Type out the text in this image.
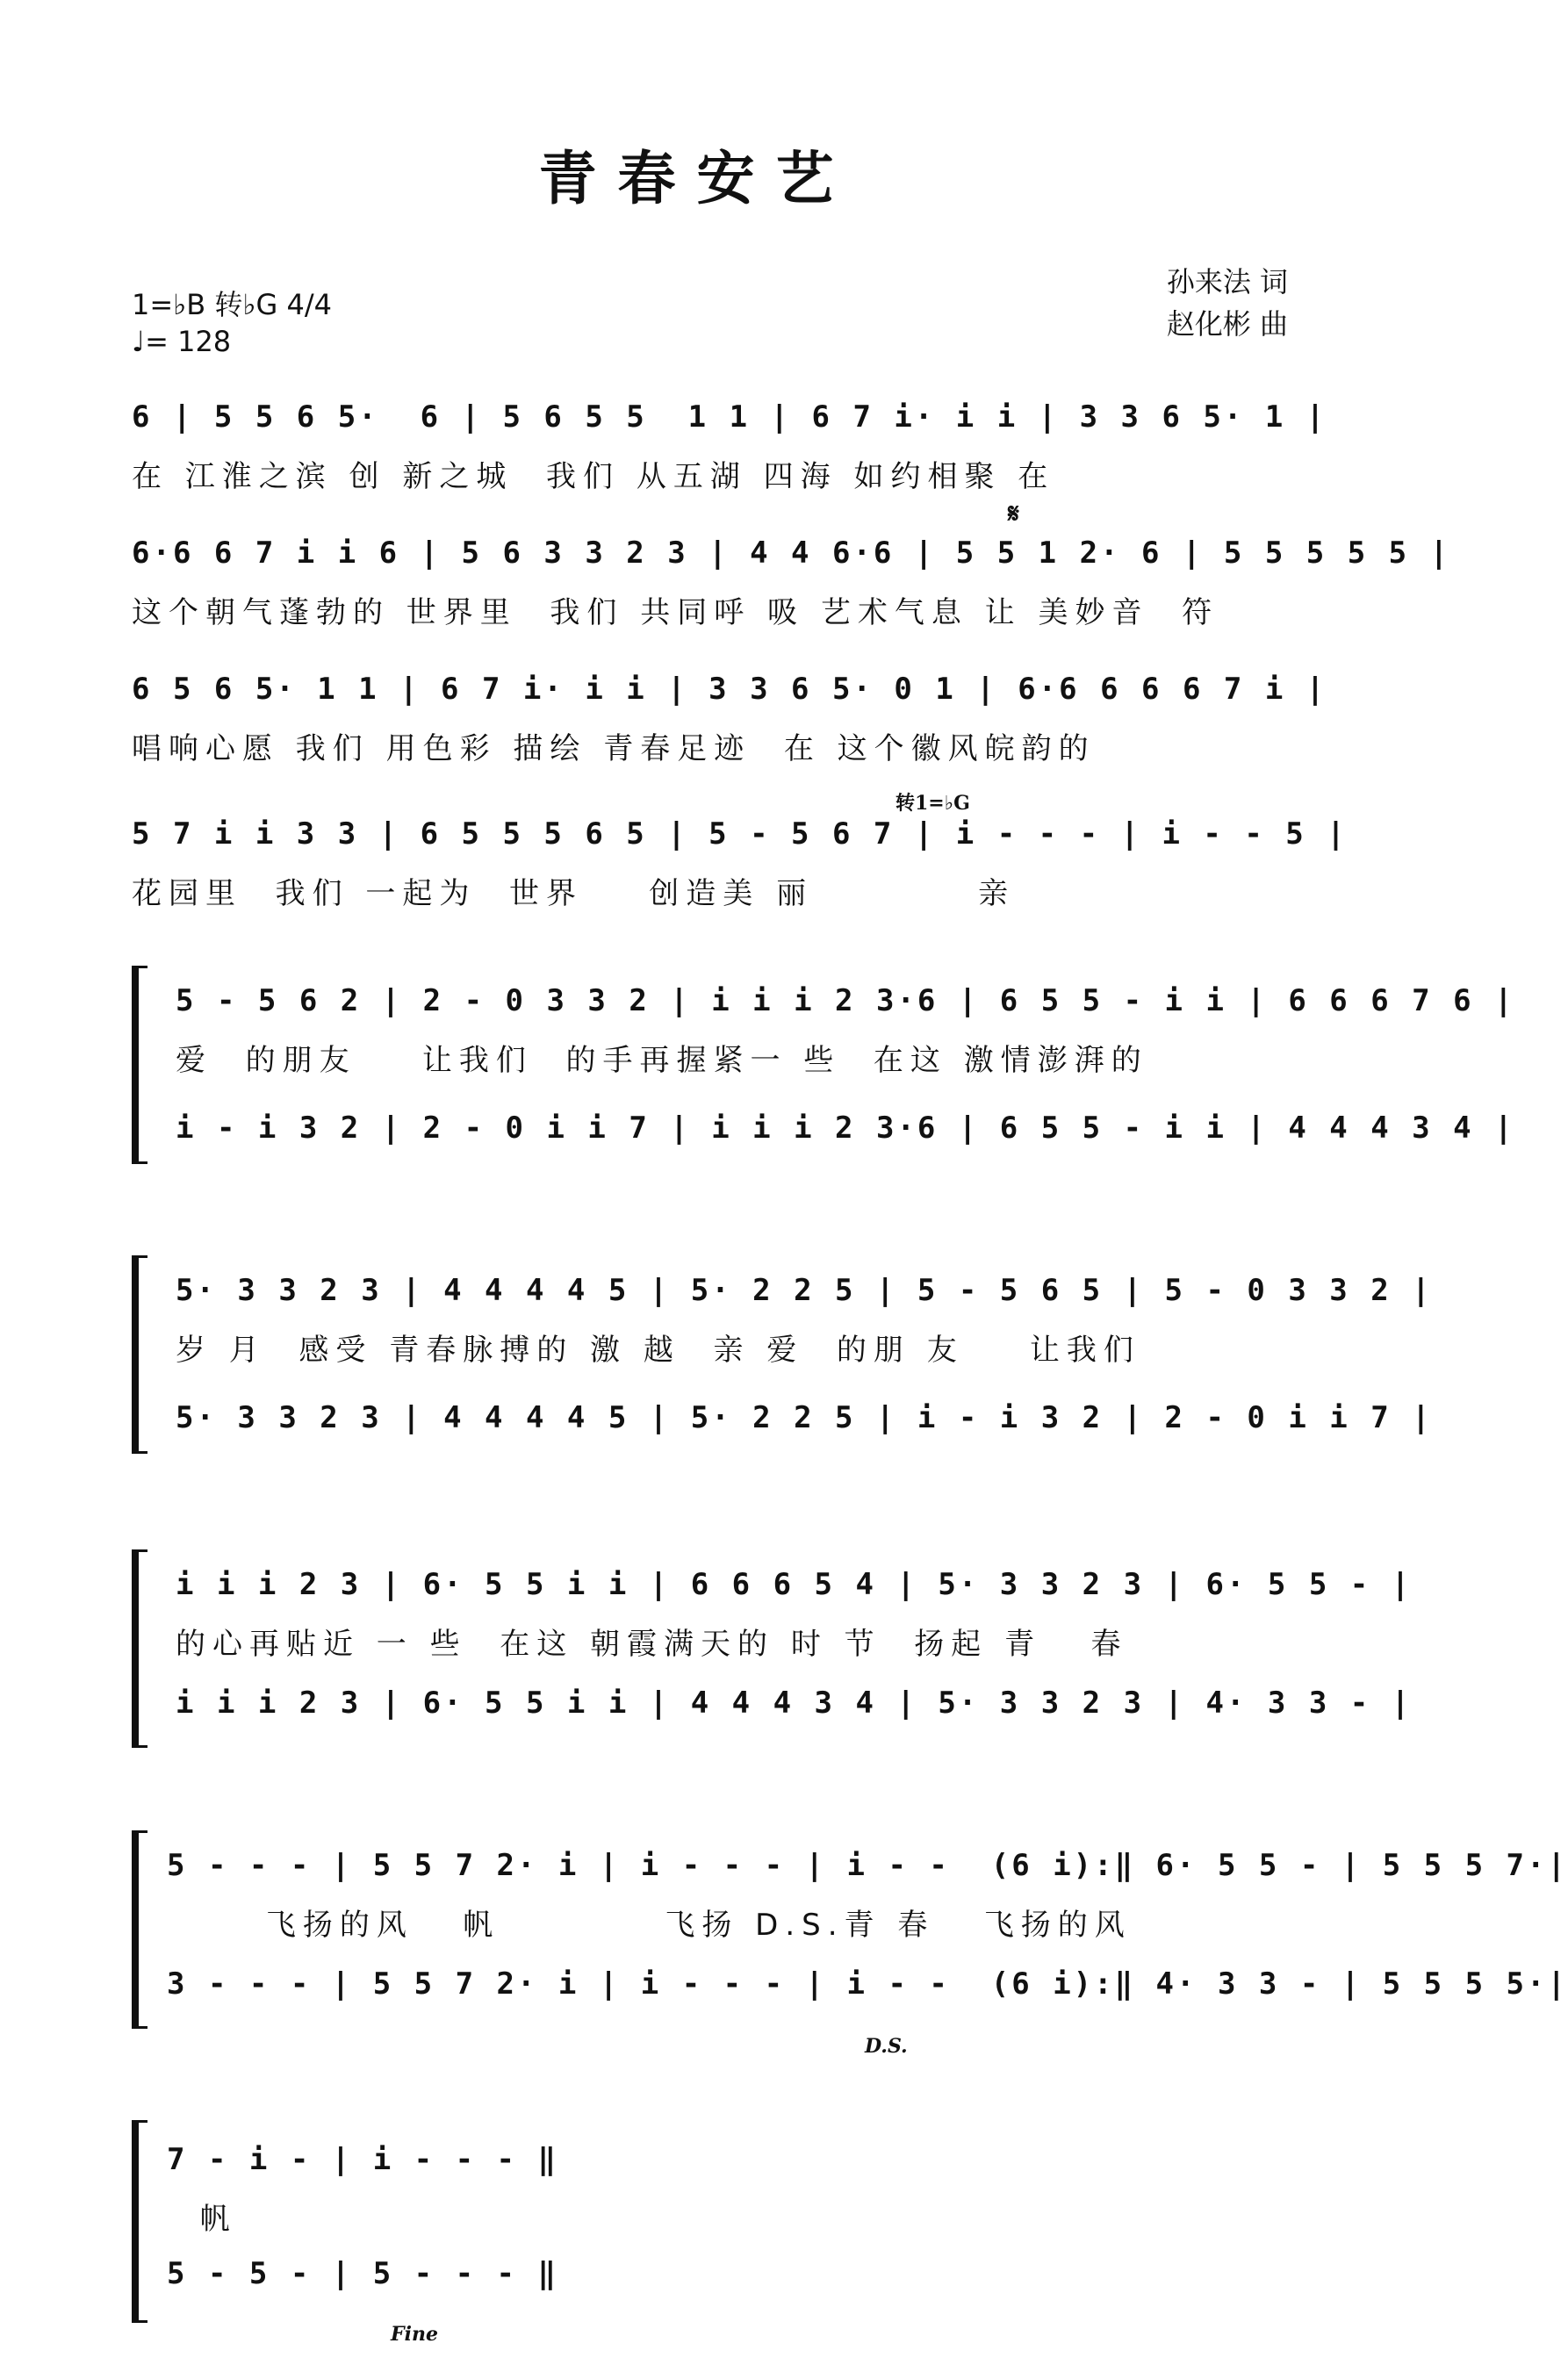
青春安艺
1=♭B 转♭G 4/4
♩= 128
孙来法 词
赵化彬 曲
𝄋
转1=♭G
6 | 5 5 6 5·  6 | 5 6 5 5  1 1 | 6 7 i· i i | 3 3 6 5· 1 |
在 江淮之滨 创 新之城  我们 从五湖 四海 如约相聚 在
6·6 6 7 i i 6 | 5 6 3 3 2 3 | 4 4 6·6 | 5 5 1 2· 6 | 5 5 5 5 5 |
这个朝气蓬勃的 世界里  我们 共同呼 吸 艺术气息 让 美妙音  符
6 5 6 5· 1 1 | 6 7 i· i i | 3 3 6 5· 0 1 | 6·6 6 6 6 7 i |
唱响心愿 我们 用色彩 描绘 青春足迹  在 这个徽风皖韵的
5 7 i i 3 3 | 6 5 5 5 6 5 | 5 - 5 6 7 | i - - - | i - - 5 |
花园里  我们 一起为  世界    创造美 丽          亲
5 - 5 6 2 | 2 - 0 3 3 2 | i i i 2 3·6 | 6 5 5 - i i | 6 6 6 7 6 |
爱  的朋友    让我们  的手再握紧一 些  在这 激情澎湃的
i - i 3 2 | 2 - 0 i i 7 | i i i 2 3·6 | 6 5 5 - i i | 4 4 4 3 4 |
5· 3 3 2 3 | 4 4 4 4 5 | 5· 2 2 5 | 5 - 5 6 5 | 5 - 0 3 3 2 |
岁 月  感受 青春脉搏的 激 越  亲 爱  的朋 友    让我们
5· 3 3 2 3 | 4 4 4 4 5 | 5· 2 2 5 | i - i 3 2 | 2 - 0 i i 7 |
i i i 2 3 | 6· 5 5 i i | 6 6 6 5 4 | 5· 3 3 2 3 | 6· 5 5 - |
的心再贴近 一 些  在这 朝霞满天的 时 节  扬起 青   春
i i i 2 3 | 6· 5 5 i i | 4 4 4 3 4 | 5· 3 3 2 3 | 4· 3 3 - |
5 - - - | 5 5 7 2· i | i - - - | i - -  (6 i):‖ 6· 5 5 - | 5 5 5 7·|
飞扬的风   帆          飞扬 D.S.青 春   飞扬的风
3 - - - | 5 5 7 2· i | i - - - | i - -  (6 i):‖ 4· 3 3 - | 5 5 5 5·|
D.S.
7 - i - | i - - - ‖
帆
5 - 5 - | 5 - - - ‖
Fine
